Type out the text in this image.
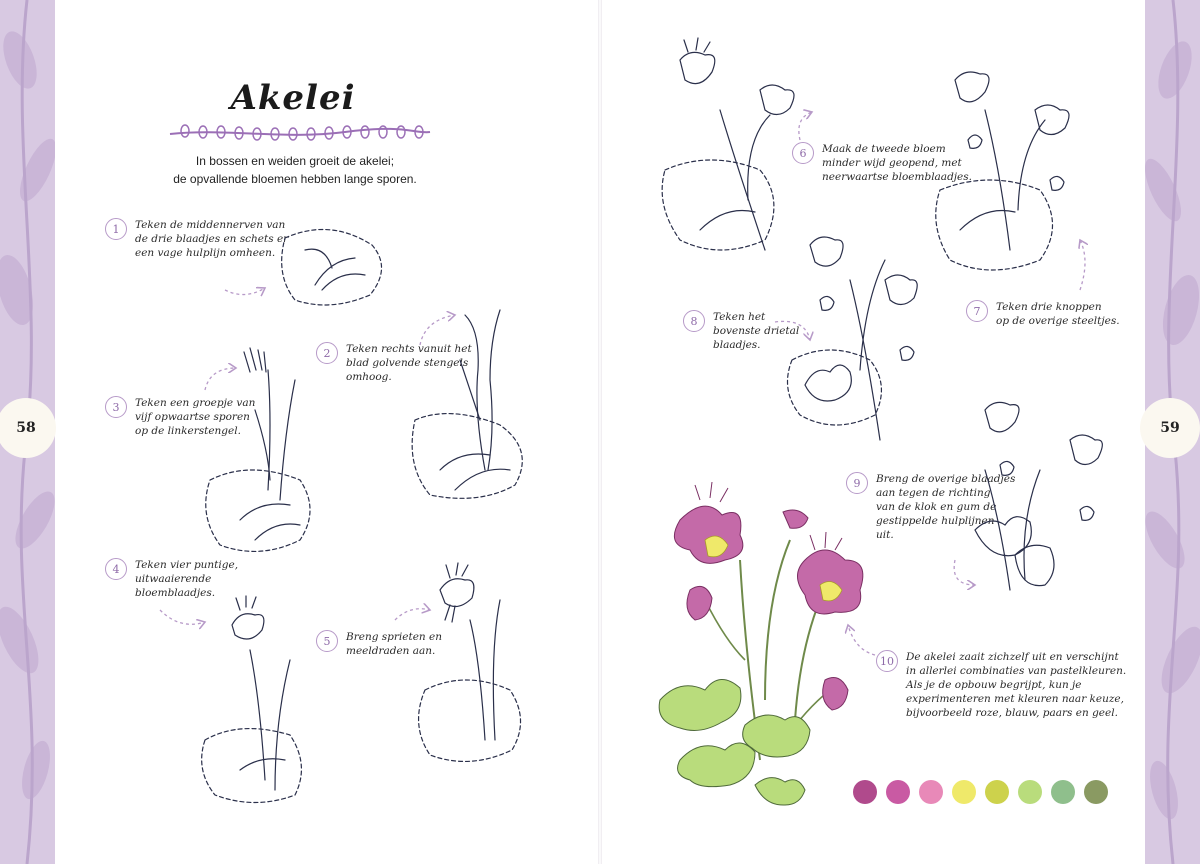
58	59
Akelei
In bossen en weiden groeit de akelei;
de opvallende bloemen hebben lange sporen.
1	Teken de middennerven van
de drie blaadjes en schets er
een vage hulplijn omheen.
2	Teken rechts vanuit het
blad golvende stengels
omhoog.
3	Teken een groepje van
vijf opwaartse sporen
op de linkerstengel.
4	Teken vier puntige,
uitwaaierende
bloemblaadjes.
5	Breng sprieten en
meeldraden aan.
6	Maak de tweede bloem
minder wijd geopend, met
neerwaartse bloemblaadjes.
7	Teken drie knoppen
op de overige steeltjes.
8	Teken het
bovenste drietal
blaadjes.
9	Breng de overige blaadjes
aan tegen de richting
van de klok en gum de
gestippelde hulplijnen
uit.
10	De akelei zaait zichzelf uit en verschijnt
in allerlei combinaties van pastelkleuren.
Als je de opbouw begrijpt, kun je
experimenteren met kleuren naar keuze,
bijvoorbeeld roze, blauw, paars en geel.
